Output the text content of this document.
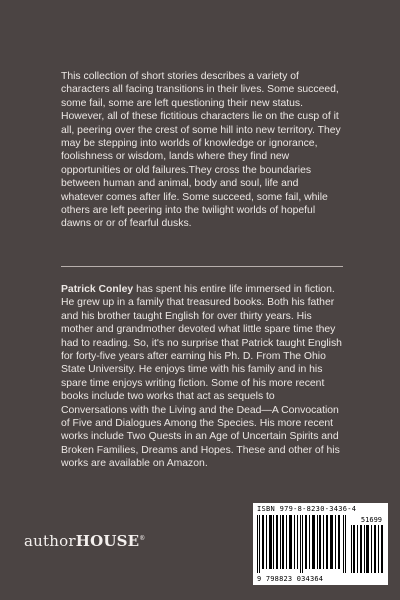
This collection of short stories describes a variety of characters all facing transitions in their lives. Some succeed, some fail, some are left questioning their new status. However, all of these fictitious characters lie on the cusp of it all, peering over the crest of some hill into new territory. They may be stepping into worlds of knowledge or ignorance, foolishness or wisdom, lands where they find new opportunities or old failures.They cross the boundaries between human and animal, body and soul, life and whatever comes after life. Some succeed, some fail, while others are left peering into the twilight worlds of hopeful dawns or or of fearful dusks.

Patrick Conley has spent his entire life immersed in fiction. He grew up in a family that treasured books. Both his father and his brother taught English for over thirty years. His mother and grandmother devoted what little spare time they had to reading. So, it's no surprise that Patrick taught English for forty-five years after earning his Ph. D. From The Ohio State University. He enjoys time with his family and in his spare time enjoys writing fiction. Some of his more recent books include two works that act as sequels to Conversations with the Living and the Dead—A Convocation of Five and Dialogues Among the Species. His more recent works include Two Quests in an Age of Uncertain Spirits and Broken Families, Dreams and Hopes. These and other of his works are available on Amazon.

authorHOUSE®
ISBN 979-8-8230-3436-4
51699
9 798823 034364
